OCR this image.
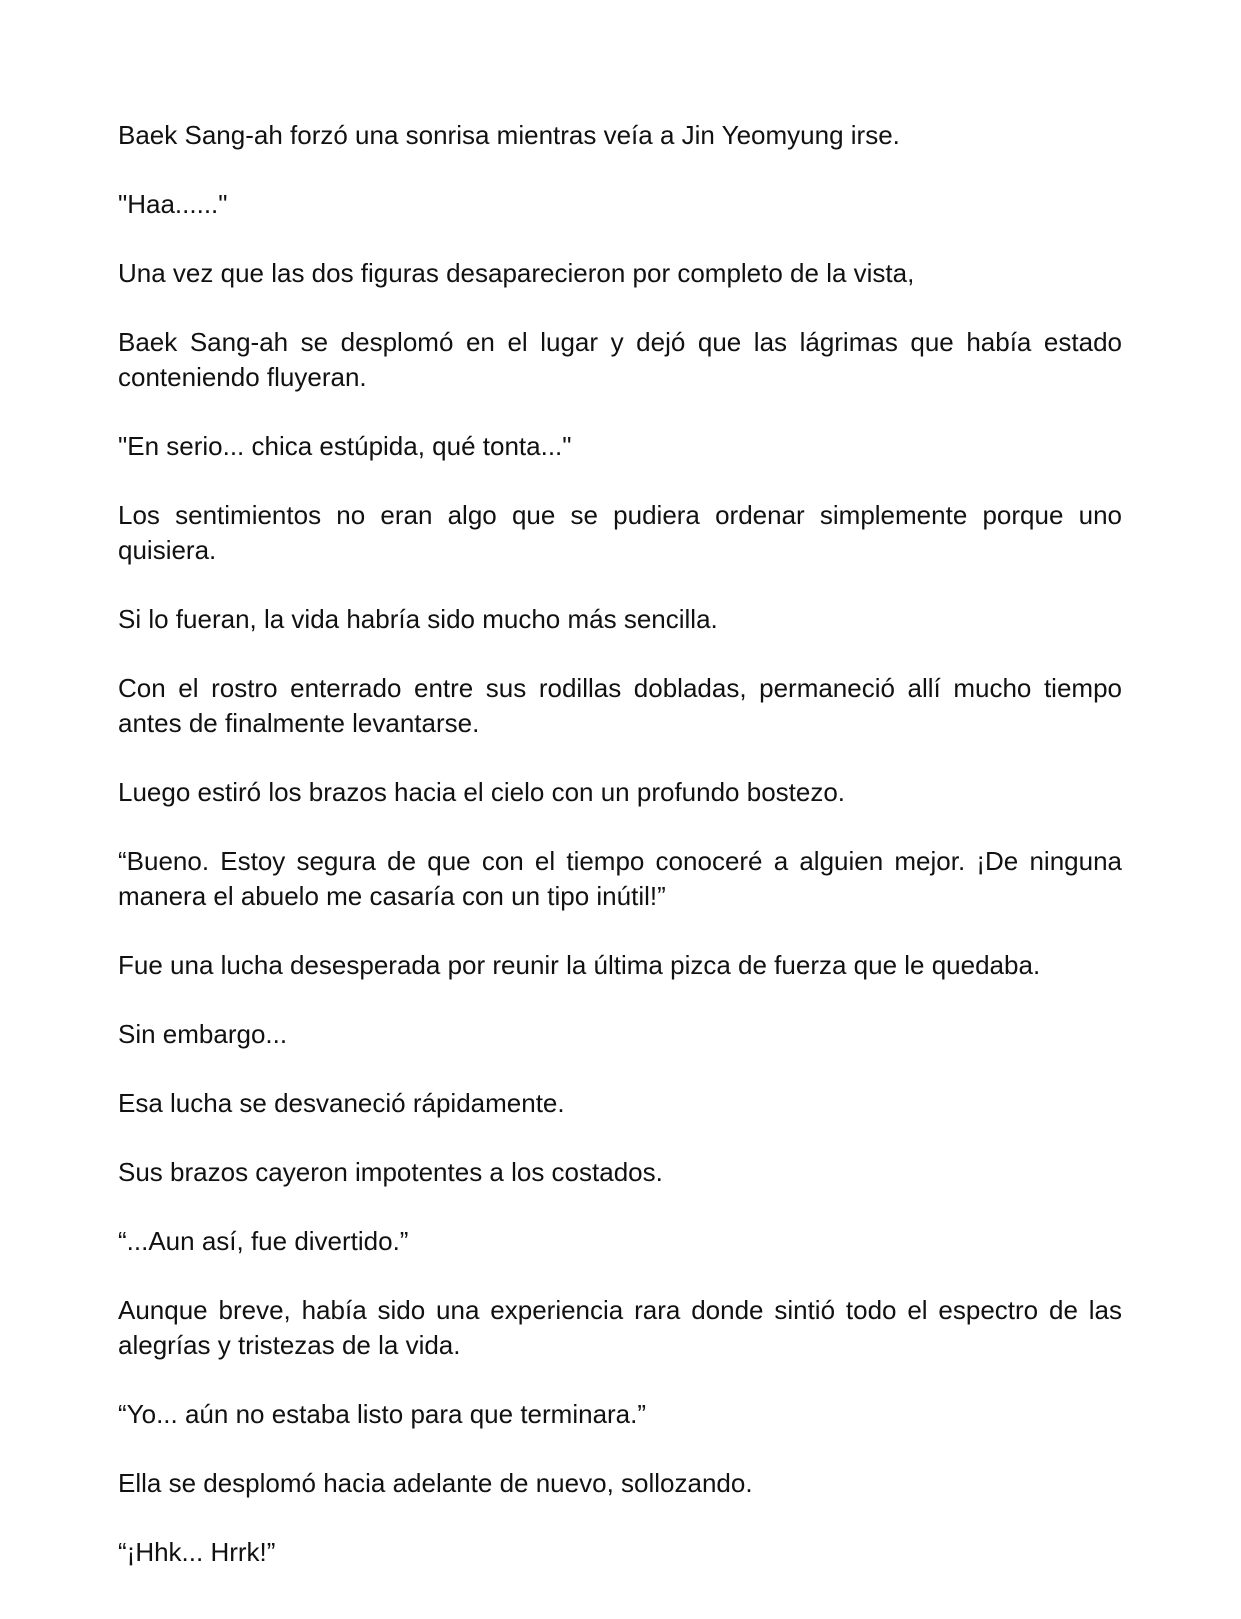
Baek Sang-ah forzó una sonrisa mientras veía a Jin Yeomyung irse.

"Haa......"

Una vez que las dos figuras desaparecieron por completo de la vista,

Baek Sang-ah se desplomó en el lugar y dejó que las lágrimas que había estado conteniendo fluyeran.

"En serio... chica estúpida, qué tonta..."

Los sentimientos no eran algo que se pudiera ordenar simplemente porque uno quisiera.

Si lo fueran, la vida habría sido mucho más sencilla.

Con el rostro enterrado entre sus rodillas dobladas, permaneció allí mucho tiempo antes de finalmente levantarse.

Luego estiró los brazos hacia el cielo con un profundo bostezo.

“Bueno. Estoy segura de que con el tiempo conoceré a alguien mejor. ¡De ninguna manera el abuelo me casaría con un tipo inútil!”

Fue una lucha desesperada por reunir la última pizca de fuerza que le quedaba.

Sin embargo...

Esa lucha se desvaneció rápidamente.

Sus brazos cayeron impotentes a los costados.

“...Aun así, fue divertido.”

Aunque breve, había sido una experiencia rara donde sintió todo el espectro de las alegrías y tristezas de la vida.

“Yo... aún no estaba listo para que terminara.”

Ella se desplomó hacia adelante de nuevo, sollozando.

“¡Hhk... Hrrk!”
